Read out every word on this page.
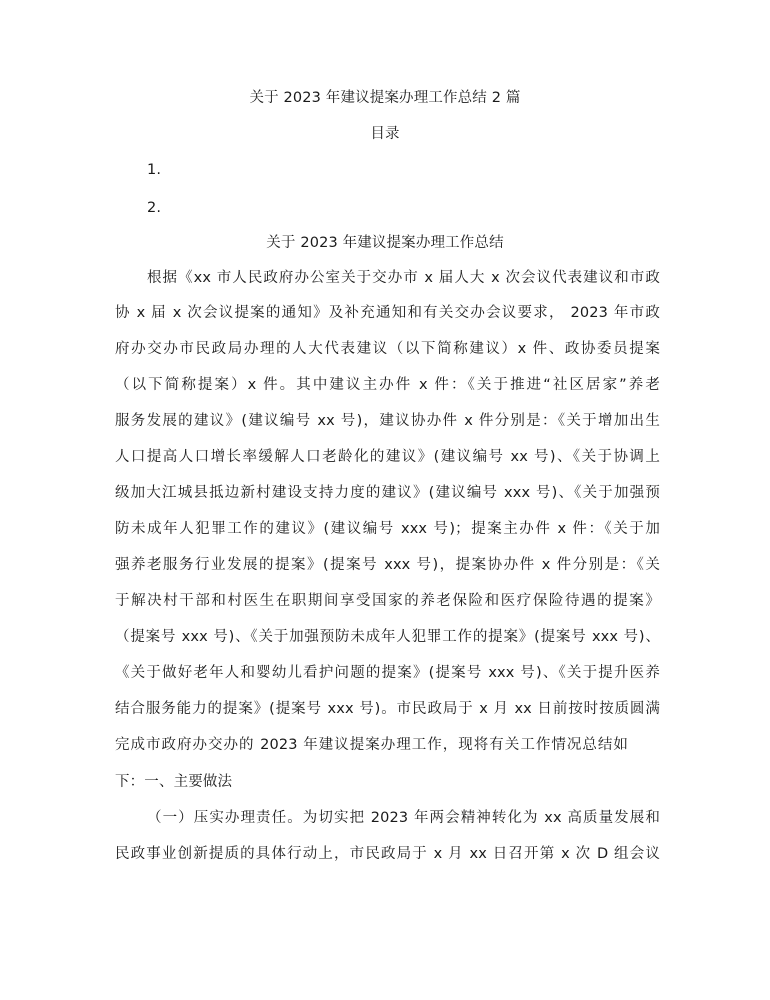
关于 2023 年建议提案办理工作总结 2 篇
目录
1.
2.
关于 2023 年建议提案办理工作总结
根据《xx 市人民政府办公室关于交办市 x 届人大 x 次会议代表建议和市政
协 x 届 x 次会议提案的通知》及补充通知和有关交办会议要求， 2023 年市政
府办交办市民政局办理的人大代表建议（以下简称建议）x 件、政协委员提案
（以下简称提案）x 件。其中建议主办件 x 件：《关于推进“社区居家”养老
服务发展的建议》(建议编号 xx 号)，建议协办件 x 件分别是：《关于增加出生
人口提高人口增长率缓解人口老龄化的建议》(建议编号 xx 号)、《关于协调上
级加大江城县抵边新村建设支持力度的建议》(建议编号 xxx 号)、《关于加强预
防未成年人犯罪工作的建议》(建议编号 xxx 号)；提案主办件 x 件：《关于加
强养老服务行业发展的提案》(提案号 xxx 号)，提案协办件 x 件分别是：《关
于解决村干部和村医生在职期间享受国家的养老保险和医疗保险待遇的提案》
（提案号 xxx 号)、《关于加强预防未成年人犯罪工作的提案》(提案号 xxx 号)、
《关于做好老年人和婴幼儿看护问题的提案》(提案号 xxx 号)、《关于提升医养
结合服务能力的提案》(提案号 xxx 号)。市民政局于 x 月 xx 日前按时按质圆满
完成市政府办交办的 2023 年建议提案办理工作，现将有关工作情况总结如
下：一、主要做法
（一）压实办理责任。为切实把 2023 年两会精神转化为 xx 高质量发展和
民政事业创新提质的具体行动上，市民政局于 x 月 xx 日召开第 x 次 D 组会议
